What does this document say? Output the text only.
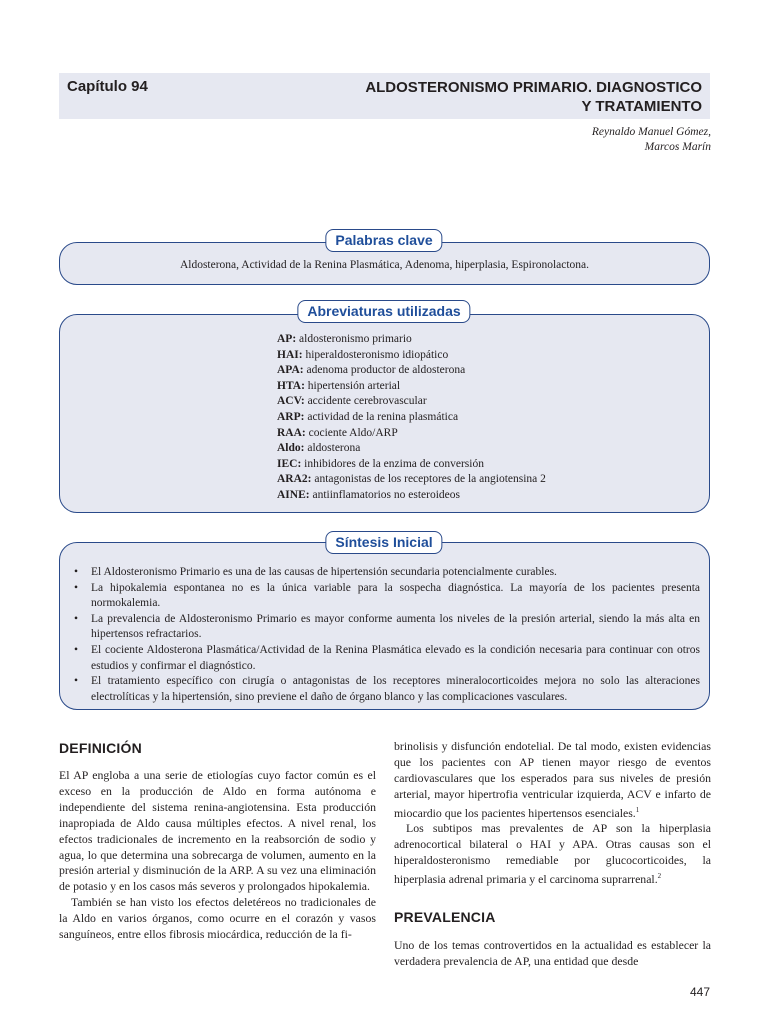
Capítulo 94	ALDOSTERONISMO PRIMARIO. DIAGNOSTICO
Y TRATAMIENTO
Reynaldo Manuel Gómez,
Marcos Marín
Palabras clave
Aldosterona, Actividad de la Renina Plasmática, Adenoma, hiperplasia, Espironolactona.
Abreviaturas utilizadas
AP: aldosteronismo primario
HAI: hiperaldosteronismo idiopático
APA: adenoma productor de aldosterona
HTA: hipertensión arterial
ACV: accidente cerebrovascular
ARP: actividad de la renina plasmática
RAA: cociente Aldo/ARP
Aldo: aldosterona
IEC: inhibidores de la enzima de conversión
ARA2: antagonistas de los receptores de la angiotensina 2
AINE: antiinflamatorios no esteroideos
Síntesis Inicial
• El Aldosteronismo Primario es una de las causas de hipertensión secundaria potencialmente curables.
• La hipokalemia espontanea no es la única variable para la sospecha diagnóstica. La mayoría de los pacientes presenta normokalemia.
• La prevalencia de Aldosteronismo Primario es mayor conforme aumenta los niveles de la presión arterial, siendo la más alta en hipertensos refractarios.
• El cociente Aldosterona Plasmática/Actividad de la Renina Plasmática elevado es la condición necesaria para continuar con otros estudios y confirmar el diagnóstico.
• El tratamiento específico con cirugía o antagonistas de los receptores mineralocorticoides mejora no solo las alteraciones electrolíticas y la hipertensión, sino previene el daño de órgano blanco y las complicaciones vasculares.
DEFINICIÓN

El AP engloba a una serie de etiologías cuyo factor común es el exceso en la producción de Aldo en forma autónoma e independiente del sistema renina-angiotensina. Esta producción inapropiada de Aldo causa múltiples efectos. A nivel renal, los efectos tradicionales de incremento en la reabsorción de sodio y agua, lo que determina una sobrecarga de volumen, aumento en la presión arterial y disminución de la ARP. A su vez una eliminación de potasio y en los casos más severos y prolongados hipokalemia.

También se han visto los efectos deletéreos no tradicionales de la Aldo en varios órganos, como ocurre en el corazón y vasos sanguíneos, entre ellos fibrosis miocárdica, reducción de la fi-

brinolisis y disfunción endotelial. De tal modo, existen evidencias que los pacientes con AP tienen mayor riesgo de eventos cardiovasculares que los esperados para sus niveles de presión arterial, mayor hipertrofia ventricular izquierda, ACV e infarto de miocardio que los pacientes hipertensos esenciales.$^1$

Los subtipos mas prevalentes de AP son la hiperplasia adrenocortical bilateral o HAI y APA. Otras causas son el hiperaldosteronismo remediable por glucocorticoides, la hiperplasia adrenal primaria y el carcinoma suprarrenal.$^2$

PREVALENCIA

Uno de los temas controvertidos en la actualidad es establecer la verdadera prevalencia de AP, una entidad que desde

447
